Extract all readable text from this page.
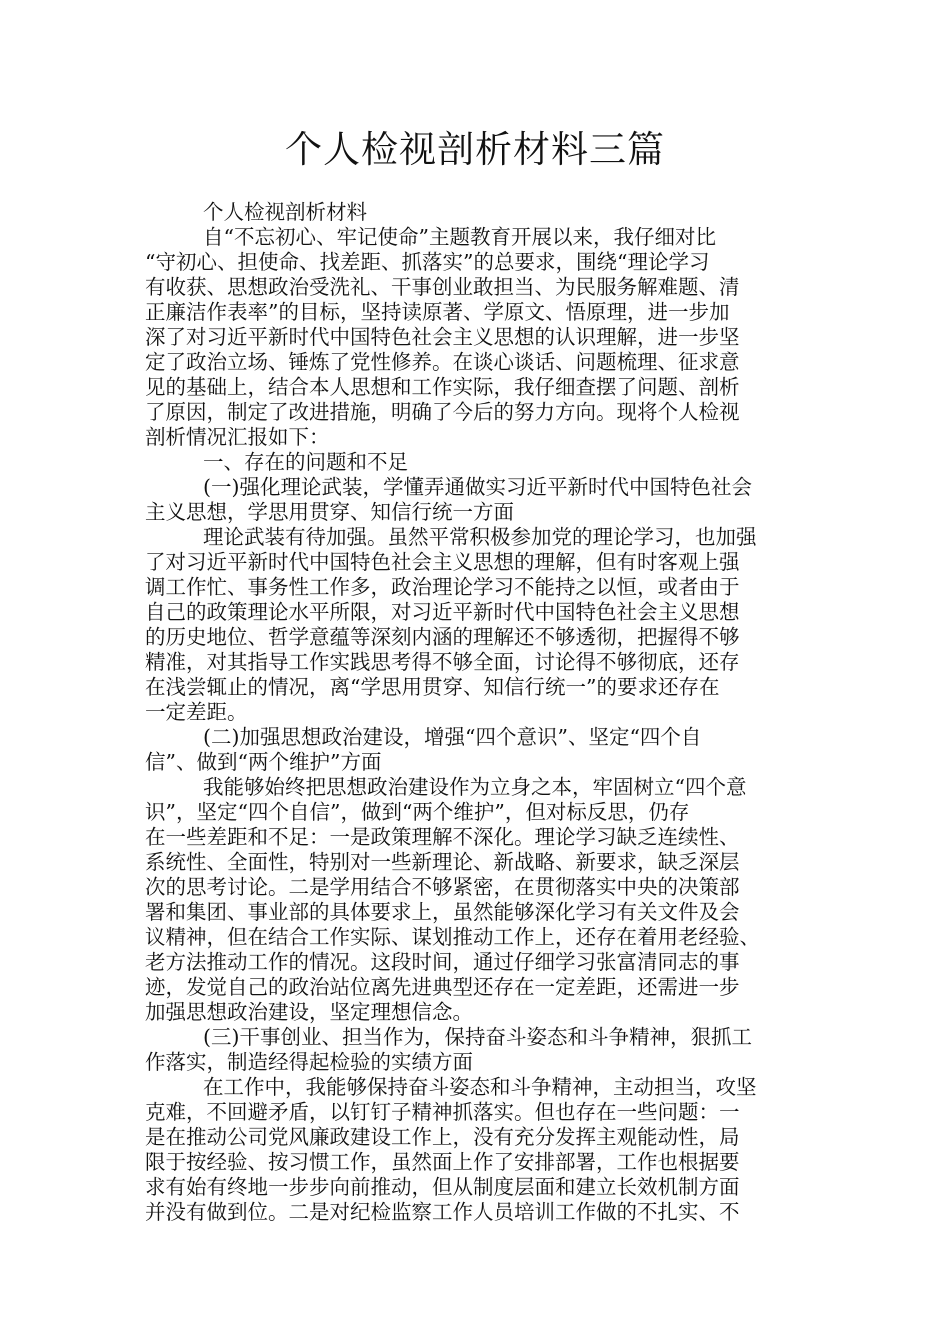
个人检视剖析材料三篇
个人检视剖析材料
自“不忘初心、牢记使命”主题教育开展以来，我仔细对比
“守初心、担使命、找差距、抓落实”的总要求，围绕“理论学习
有收获、思想政治受洗礼、干事创业敢担当、为民服务解难题、清
正廉洁作表率”的目标，坚持读原著、学原文、悟原理，进一步加
深了对习近平新时代中国特色社会主义思想的认识理解，进一步坚
定了政治立场、锤炼了党性修养。在谈心谈话、问题梳理、征求意
见的基础上，结合本人思想和工作实际，我仔细查摆了问题、剖析
了原因，制定了改进措施，明确了今后的努力方向。现将个人检视
剖析情况汇报如下：
一、存在的问题和不足
(一)强化理论武装，学懂弄通做实习近平新时代中国特色社会
主义思想，学思用贯穿、知信行统一方面
理论武装有待加强。虽然平常积极参加党的理论学习，也加强
了对习近平新时代中国特色社会主义思想的理解，但有时客观上强
调工作忙、事务性工作多，政治理论学习不能持之以恒，或者由于
自己的政策理论水平所限，对习近平新时代中国特色社会主义思想
的历史地位、哲学意蕴等深刻内涵的理解还不够透彻，把握得不够
精准，对其指导工作实践思考得不够全面，讨论得不够彻底，还存
在浅尝辄止的情况，离“学思用贯穿、知信行统一”的要求还存在
一定差距。
(二)加强思想政治建设，增强“四个意识”、坚定“四个自
信”、做到“两个维护”方面
我能够始终把思想政治建设作为立身之本，牢固树立“四个意
识”，坚定“四个自信”，做到“两个维护”，但对标反思，仍存
在一些差距和不足：一是政策理解不深化。理论学习缺乏连续性、
系统性、全面性，特别对一些新理论、新战略、新要求，缺乏深层
次的思考讨论。二是学用结合不够紧密，在贯彻落实中央的决策部
署和集团、事业部的具体要求上，虽然能够深化学习有关文件及会
议精神，但在结合工作实际、谋划推动工作上，还存在着用老经验、
老方法推动工作的情况。这段时间，通过仔细学习张富清同志的事
迹，发觉自己的政治站位离先进典型还存在一定差距，还需进一步
加强思想政治建设，坚定理想信念。
(三)干事创业、担当作为，保持奋斗姿态和斗争精神，狠抓工
作落实，制造经得起检验的实绩方面
在工作中，我能够保持奋斗姿态和斗争精神，主动担当，攻坚
克难，不回避矛盾，以钉钉子精神抓落实。但也存在一些问题：一
是在推动公司党风廉政建设工作上，没有充分发挥主观能动性，局
限于按经验、按习惯工作，虽然面上作了安排部署，工作也根据要
求有始有终地一步步向前推动，但从制度层面和建立长效机制方面
并没有做到位。二是对纪检监察工作人员培训工作做的不扎实、不
